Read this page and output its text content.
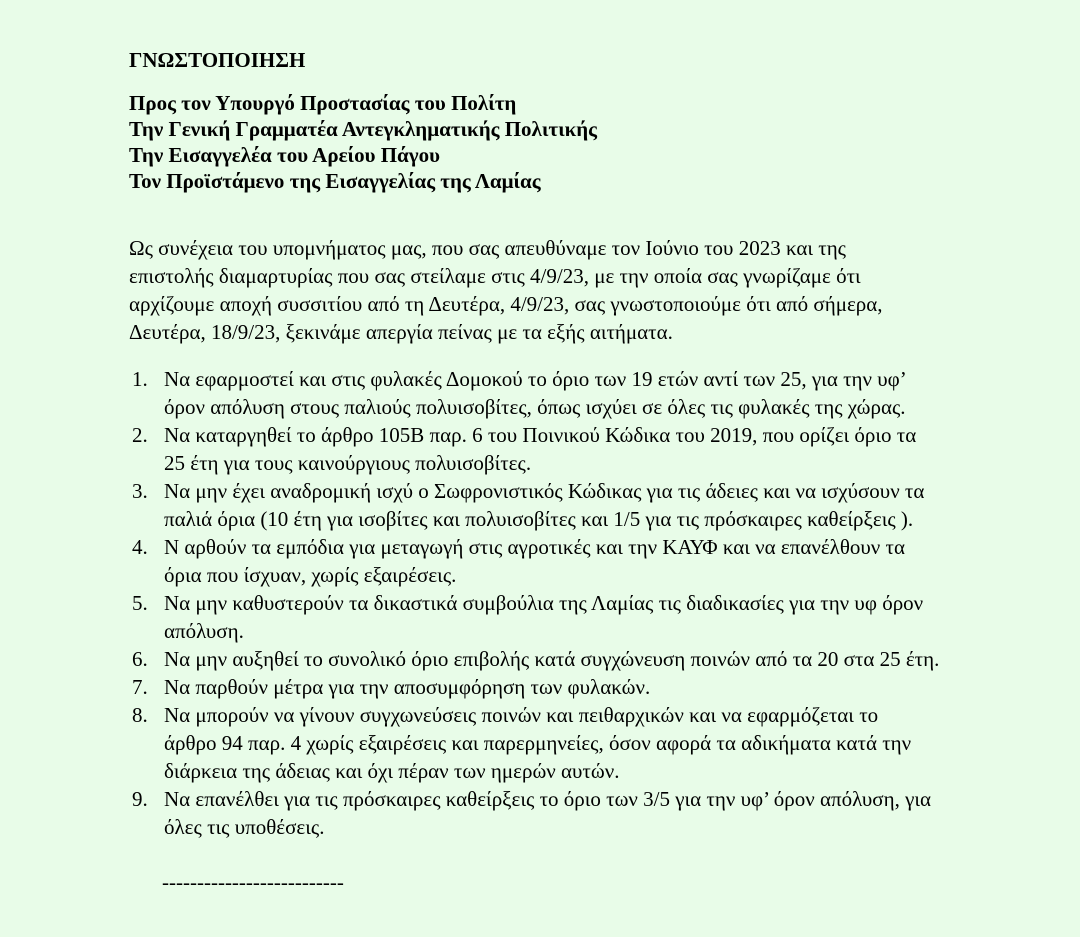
ΓΝΩΣΤΟΠΟΙΗΣΗ
Προς τον Υπουργό Προστασίας του Πολίτη
Την Γενική Γραμματέα Αντεγκληματικής Πολιτικής
Την Εισαγγελέα του Αρείου Πάγου
Τον Προϊστάμενο της Εισαγγελίας της Λαμίας
Ως συνέχεια του υπομνήματος μας, που σας απευθύναμε τον Ιούνιο του 2023 και της
επιστολής διαμαρτυρίας που σας στείλαμε στις 4/9/23, με την οποία σας γνωρίζαμε ότι
αρχίζουμε αποχή συσσιτίου από τη Δευτέρα, 4/9/23, σας γνωστοποιούμε ότι από σήμερα,
Δευτέρα, 18/9/23, ξεκινάμε απεργία πείνας με τα εξής αιτήματα.
1. Να εφαρμοστεί και στις φυλακές Δομοκού το όριο των 19 ετών αντί των 25, για την υφ’
όρον απόλυση στους παλιούς πολυισοβίτες, όπως ισχύει σε όλες τις φυλακές της χώρας.
2. Να καταργηθεί το άρθρο 105Β παρ. 6 του Ποινικού Κώδικα του 2019, που ορίζει όριο τα
25 έτη για τους καινούργιους πολυισοβίτες.
3. Να μην έχει αναδρομική ισχύ ο Σωφρονιστικός Κώδικας για τις άδειες και να ισχύσουν τα
παλιά όρια (10 έτη για ισοβίτες και πολυισοβίτες και 1/5 για τις πρόσκαιρες καθείρξεις ).
4. Ν αρθούν τα εμπόδια για μεταγωγή στις αγροτικές και την ΚΑΥΦ και να επανέλθουν τα
όρια που ίσχυαν, χωρίς εξαιρέσεις.
5. Να μην καθυστερούν τα δικαστικά συμβούλια της Λαμίας τις διαδικασίες για την υφ όρον
απόλυση.
6. Να μην αυξηθεί το συνολικό όριο επιβολής κατά συγχώνευση ποινών από τα 20 στα 25 έτη.
7. Να παρθούν μέτρα για την αποσυμφόρηση των φυλακών.
8. Να μπορούν να γίνουν συγχωνεύσεις ποινών και πειθαρχικών και να εφαρμόζεται το
άρθρο 94 παρ. 4 χωρίς εξαιρέσεις και παρερμηνείες, όσον αφορά τα αδικήματα κατά την
διάρκεια της άδειας και όχι πέραν των ημερών αυτών.
9. Να επανέλθει για τις πρόσκαιρες καθείρξεις το όριο των 3/5 για την υφ’ όρον απόλυση, για
όλες τις υποθέσεις.
--------------------------
